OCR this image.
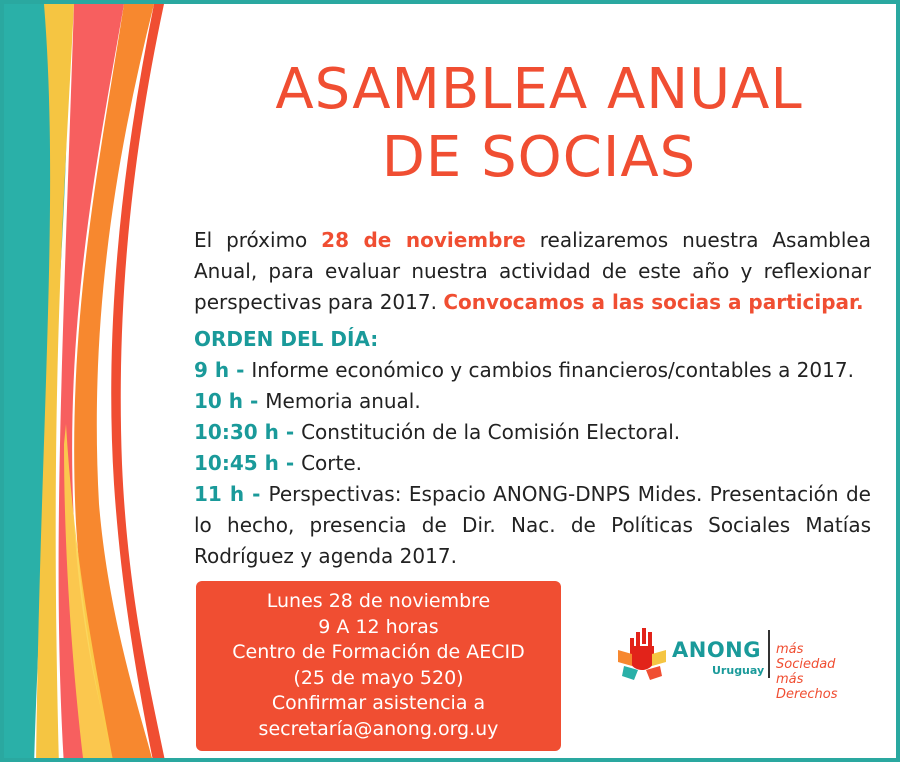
ASAMBLEA ANUAL
DE SOCIAS
El próximo 28 de noviembre realizaremos nuestra Asamblea Anual, para evaluar nuestra actividad de este año y reflexionar perspectivas para 2017. Convocamos a las socias a participar.
ORDEN DEL DÍA:
9 h - Informe económico y cambios financieros/contables a 2017.
10 h - Memoria anual.
10:30 h - Constitución de la Comisión Electoral.
10:45 h - Corte.
11 h - Perspectivas: Espacio ANONG-DNPS Mides. Presentación de lo hecho, presencia de Dir. Nac. de Políticas Sociales Matías Rodríguez y agenda 2017.
Lunes 28 de noviembre
9 A 12 horas
Centro de Formación de AECID
(25 de mayo 520)
Confirmar asistencia a
secretaría@anong.org.uy
ANONG
Uruguay
más Sociedad
más Derechos
